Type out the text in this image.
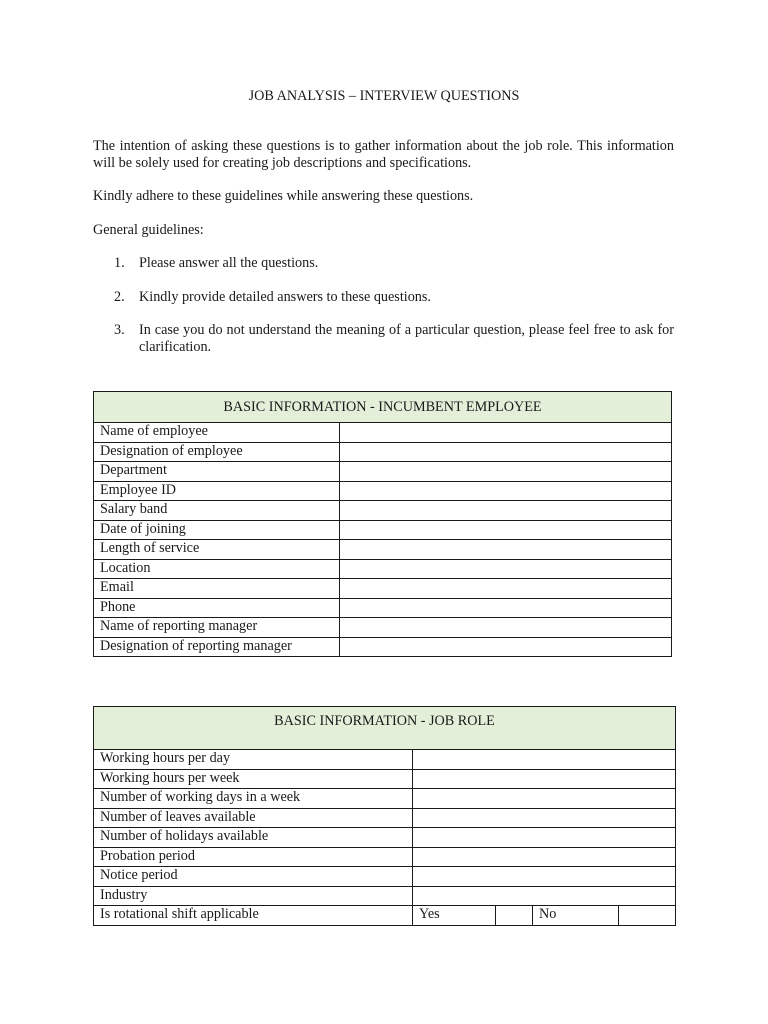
JOB ANALYSIS – INTERVIEW QUESTIONS
The intention of asking these questions is to gather information about the job role. This information will be solely used for creating job descriptions and specifications.
Kindly adhere to these guidelines while answering these questions.
General guidelines:
1. Please answer all the questions.
2. Kindly provide detailed answers to these questions.
3. In case you do not understand the meaning of a particular question, please feel free to ask for clarification.
BASIC INFORMATION - INCUMBENT EMPLOYEE	
Name of employee	
Designation of employee	
Department	
Employee ID	
Salary band	
Date of joining	
Length of service	
Location	
Email	
Phone	
Name of reporting manager	
Designation of reporting manager	
BASIC INFORMATION - JOB ROLE				
Working hours per day				
Working hours per week				
Number of working days in a week				
Number of leaves available				
Number of holidays available				
Probation period				
Notice period				
Industry				
Is rotational shift applicable	Yes		No	
